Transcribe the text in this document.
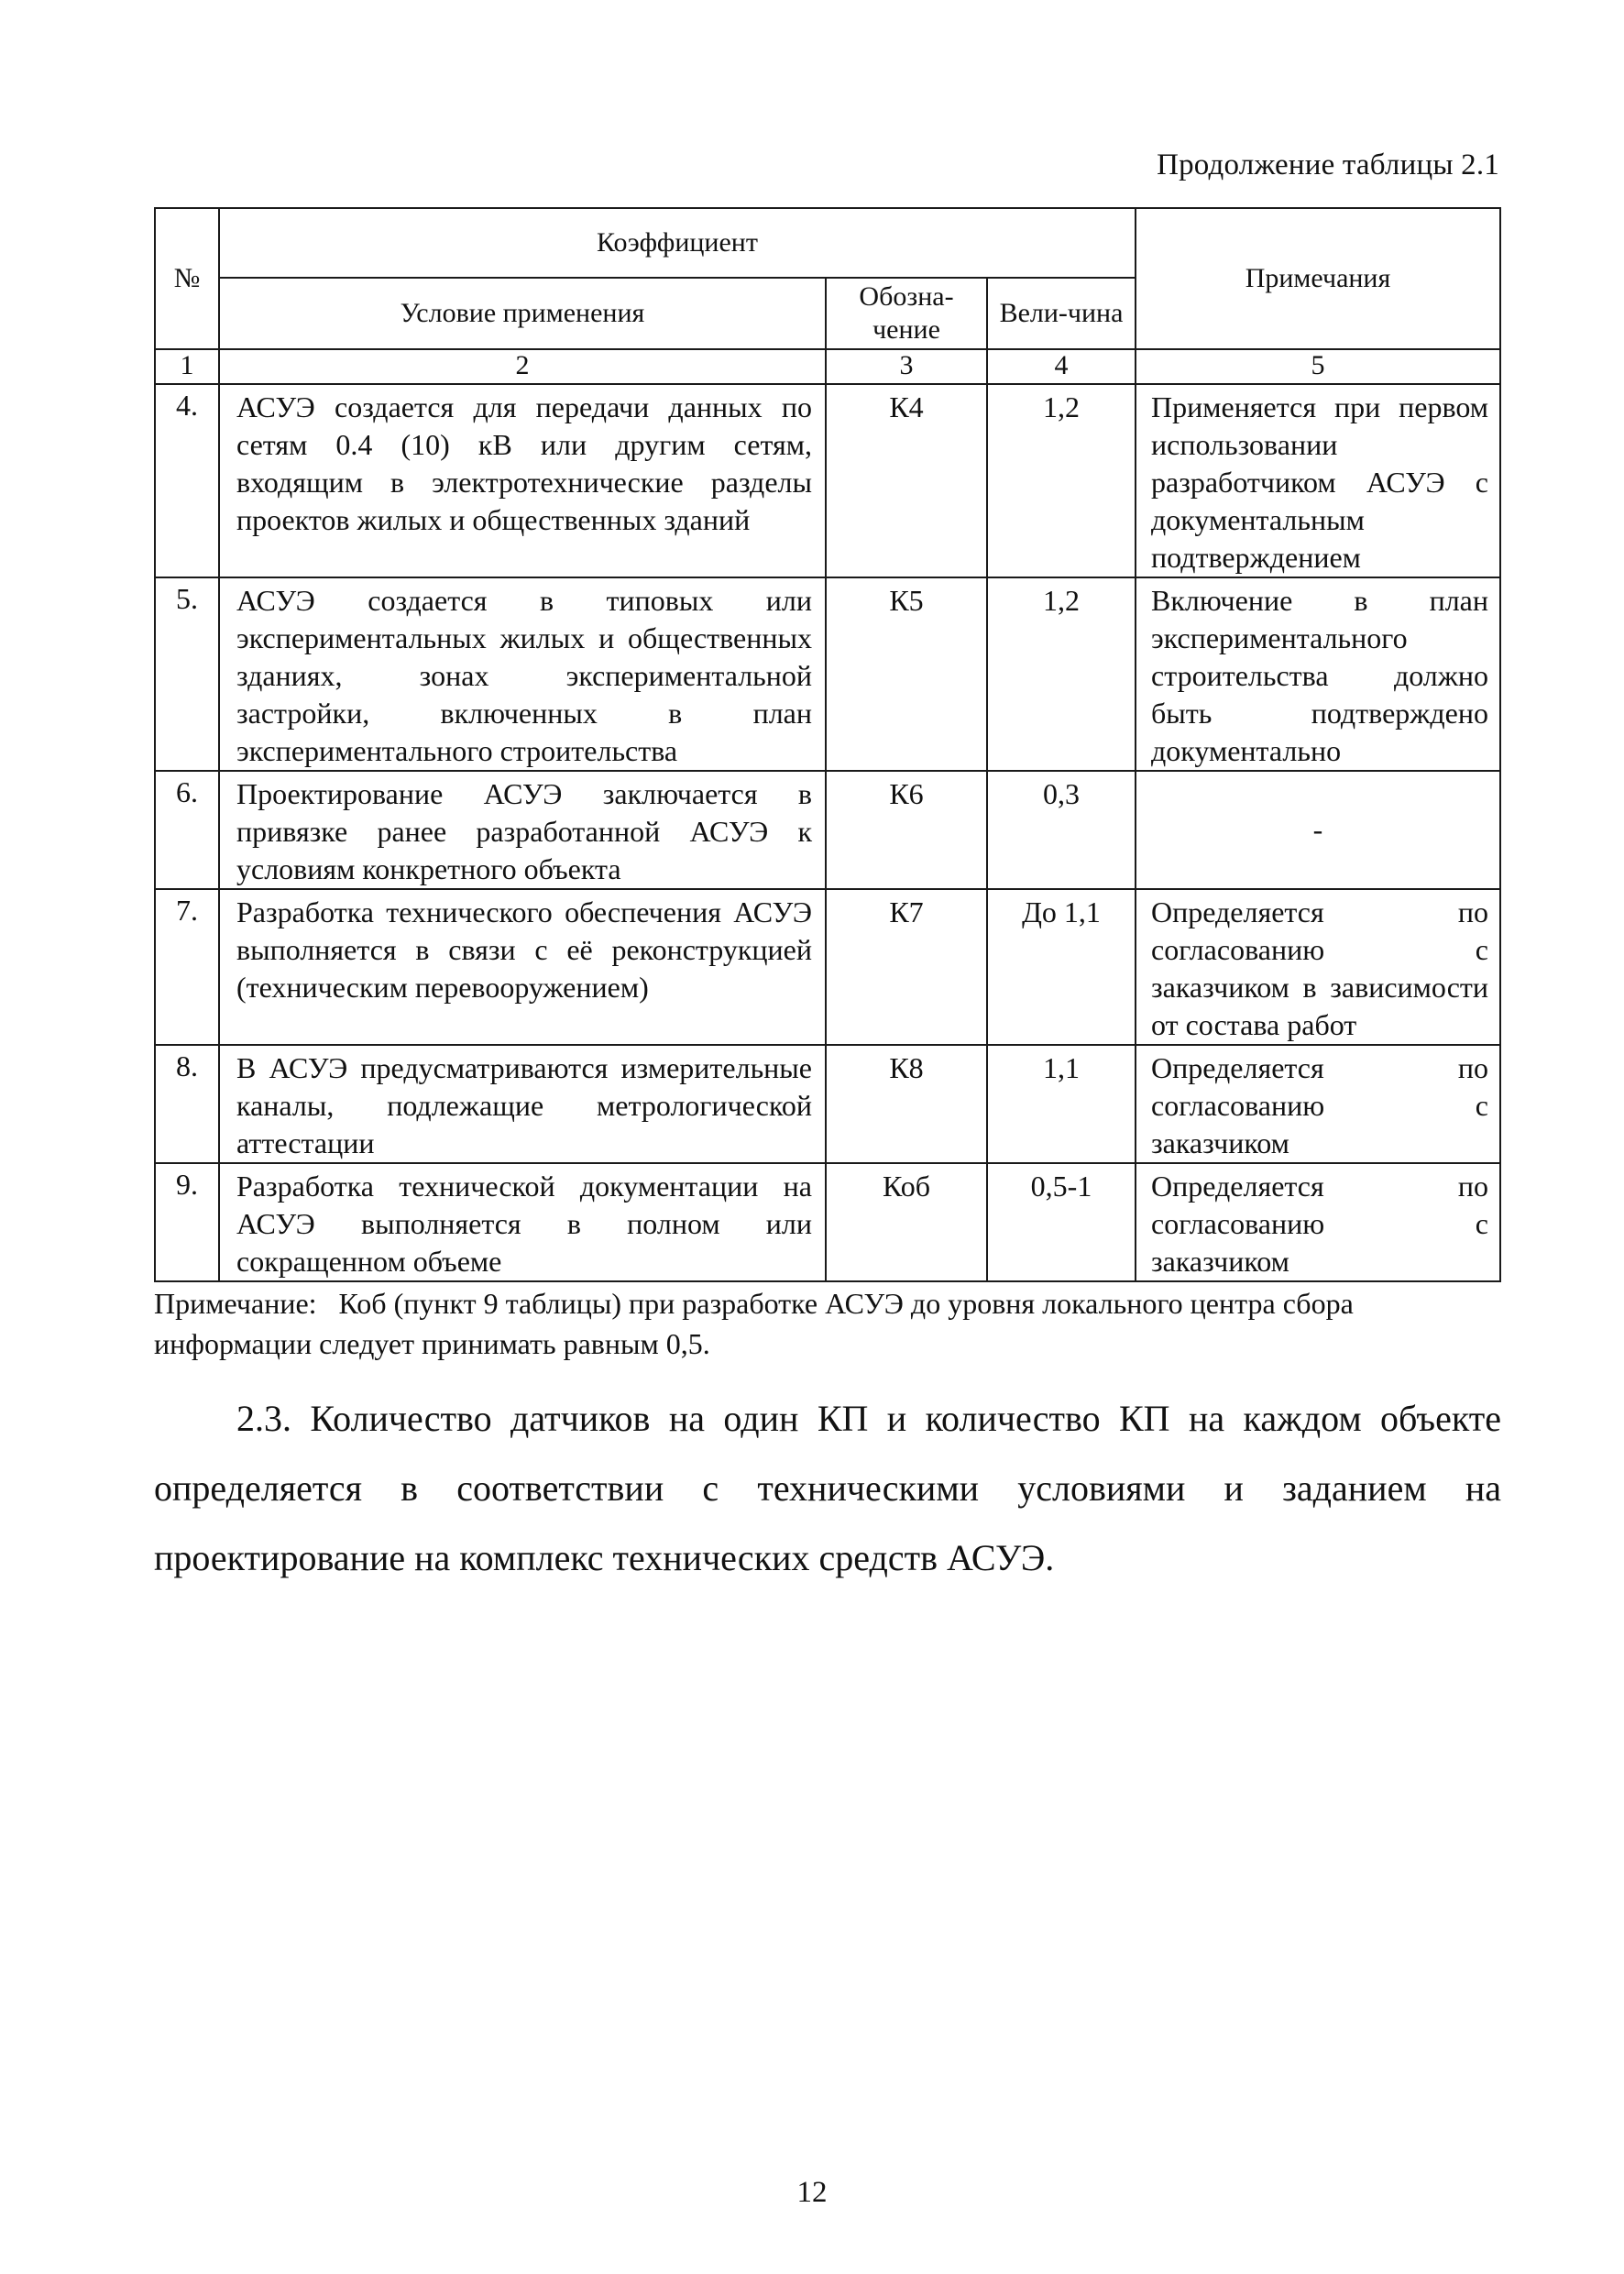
Продолжение таблицы 2.1
№	Коэффициент			Примечания
	Условие применения	Обозна-чение	Вели-чина	
1	2	3	4	5
4.	АСУЭ создается для передачи данных по сетям 0.4 (10) кВ или другим сетям, входящим в электротехнические разделы проектов жилых и общественных зданий	К4	1,2	Применяется при первом использовании разработчиком АСУЭ с документальным подтверждением
5.	АСУЭ создается в типовых или экспериментальных жилых и общественных зданиях, зонах экспериментальной застройки, включенных в план экспериментального строительства	К5	1,2	Включение в план экспериментального строительства должно быть подтверждено документально
6.	Проектирование АСУЭ заключается в привязке ранее разработанной АСУЭ к условиям конкретного объекта	К6	0,3	-
7.	Разработка технического обеспечения АСУЭ выполняется в связи с её реконструкцией (техническим перевооружением)	К7	До 1,1	Определяется по согласованию с заказчиком в зависимости от состава работ
8.	В АСУЭ предусматриваются измерительные каналы, подлежащие метрологической аттестации	К8	1,1	Определяется по согласованию с заказчиком
9.	Разработка технической документации на АСУЭ выполняется в полном или сокращенном объеме	Коб	0,5-1	Определяется по согласованию с заказчиком
Примечание: Коб (пункт 9 таблицы) при разработке АСУЭ до уровня локального центра сбора информации следует принимать равным 0,5.
2.3. Количество датчиков на один КП и количество КП на каждом объекте определяется в соответствии с техническими условиями и заданием на проектирование на комплекс технических средств АСУЭ.
12
